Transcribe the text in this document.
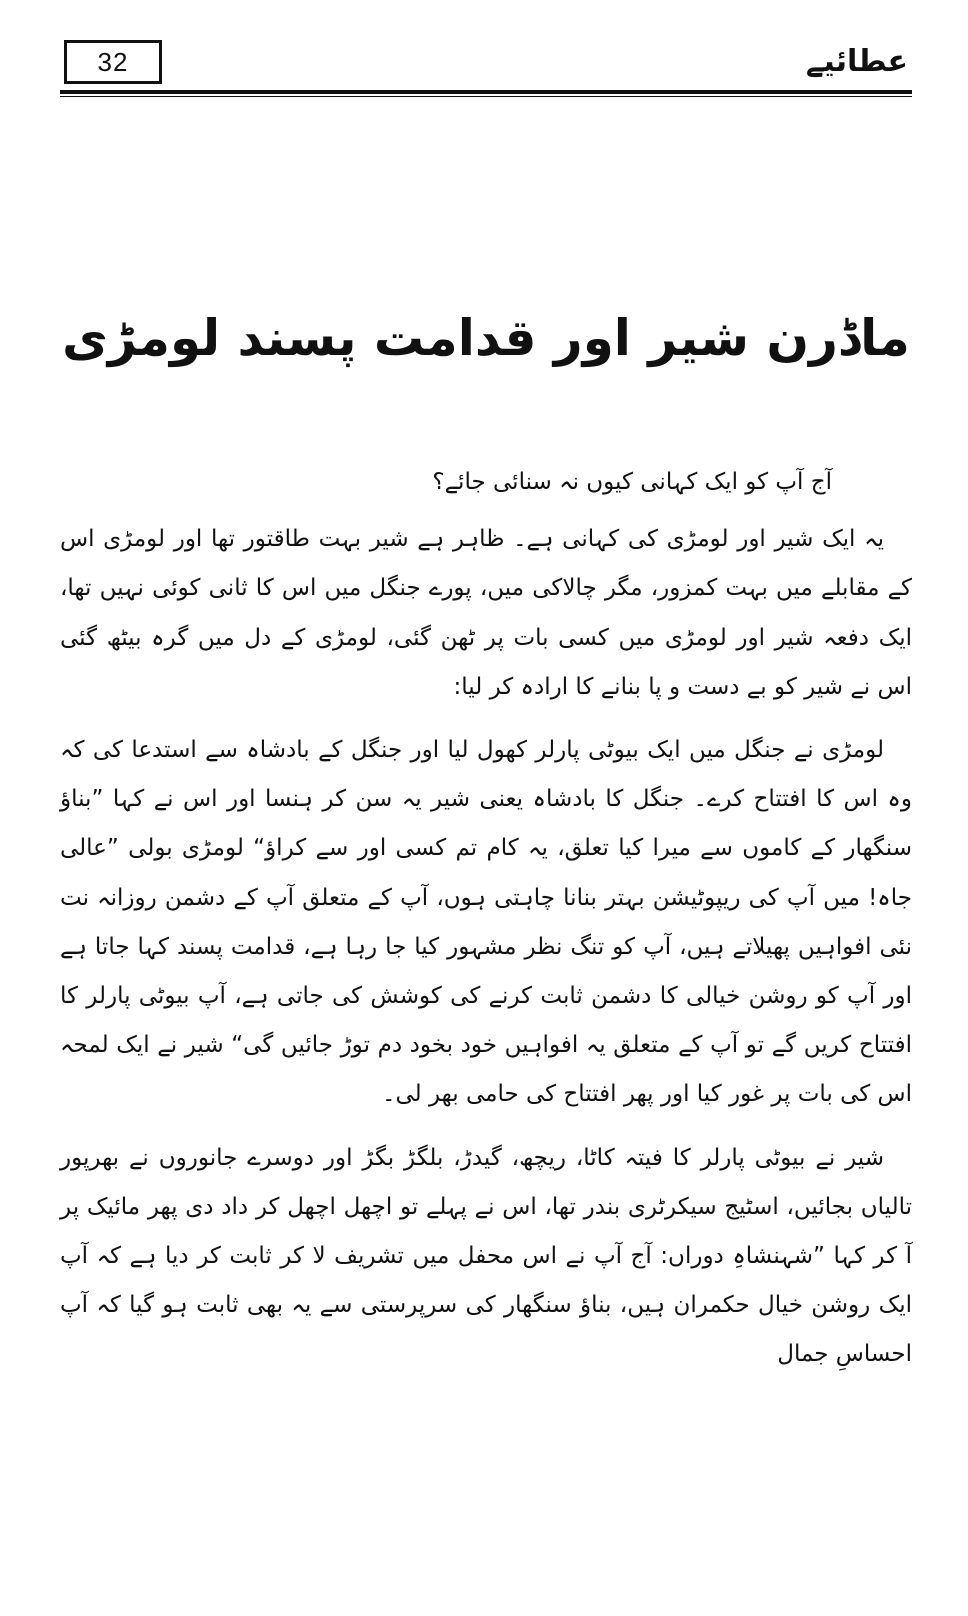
32	عطائیے
ماڈرن شیر اور قدامت پسند لومڑی

آج آپ کو ایک کہانی کیوں نہ سنائی جائے؟

یہ ایک شیر اور لومڑی کی کہانی ہے۔ ظاہر ہے شیر بہت طاقتور تھا اور لومڑی اس کے مقابلے میں بہت کمزور، مگر چالاکی میں، پورے جنگل میں اس کا ثانی کوئی نہیں تھا، ایک دفعہ شیر اور لومڑی میں کسی بات پر ٹھن گئی، لومڑی کے دل میں گرہ بیٹھ گئی اس نے شیر کو بے دست و پا بنانے کا ارادہ کر لیا:

لومڑی نے جنگل میں ایک بیوٹی پارلر کھول لیا اور جنگل کے بادشاہ سے استدعا کی کہ وہ اس کا افتتاح کرے۔ جنگل کا بادشاہ یعنی شیر یہ سن کر ہنسا اور اس نے کہا ”بناؤ سنگھار کے کاموں سے میرا کیا تعلق، یہ کام تم کسی اور سے کراؤ“ لومڑی بولی ”عالی جاہ! میں آپ کی ریپوٹیشن بہتر بنانا چاہتی ہوں، آپ کے متعلق آپ کے دشمن روزانہ نت نئی افواہیں پھیلاتے ہیں، آپ کو تنگ نظر مشہور کیا جا رہا ہے، قدامت پسند کہا جاتا ہے اور آپ کو روشن خیالی کا دشمن ثابت کرنے کی کوشش کی جاتی ہے، آپ بیوٹی پارلر کا افتتاح کریں گے تو آپ کے متعلق یہ افواہیں خود بخود دم توڑ جائیں گی“ شیر نے ایک لمحہ اس کی بات پر غور کیا اور پھر افتتاح کی حامی بھر لی۔

شیر نے بیوٹی پارلر کا فیتہ کاٹا، ریچھ، گیدڑ، بلگڑ بگڑ اور دوسرے جانوروں نے بھرپور تالیاں بجائیں، اسٹیج سیکرٹری بندر تھا، اس نے پہلے تو اچھل اچھل کر داد دی پھر مائیک پر آ کر کہا ”شہنشاہِ دوراں: آج آپ نے اس محفل میں تشریف لا کر ثابت کر دیا ہے کہ آپ ایک روشن خیال حکمران ہیں، بناؤ سنگھار کی سرپرستی سے یہ بھی ثابت ہو گیا کہ آپ احساسِ جمال
